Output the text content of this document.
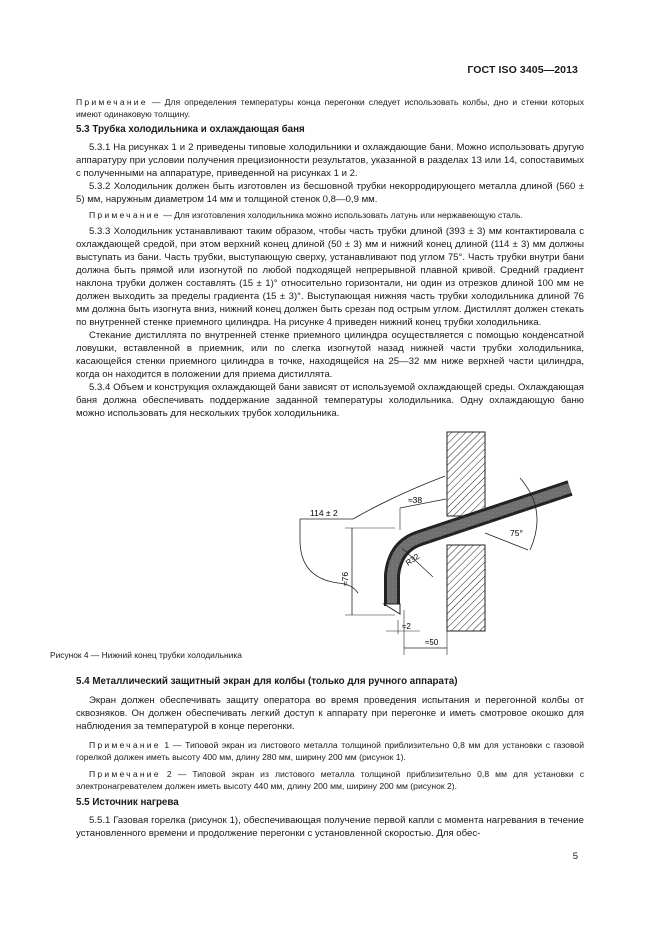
ГОСТ ISO 3405—2013
Примечание — Для определения температуры конца перегонки следует использовать колбы, дно и стенки которых имеют одинаковую толщину.
5.3 Трубка холодильника и охлаждающая баня
5.3.1 На рисунках 1 и 2 приведены типовые холодильники и охлаждающие бани. Можно использовать другую аппаратуру при условии получения прецизионности результатов, указанной в разделах 13 или 14, сопоставимых с полученными на аппаратуре, приведенной на рисунках 1 и 2.
5.3.2 Холодильник должен быть изготовлен из бесшовной трубки некорродирующего металла длиной (560 ± 5) мм, наружным диаметром 14 мм и толщиной стенок 0,8—0,9 мм.
Примечание — Для изготовления холодильника можно использовать латунь или нержавеющую сталь.
5.3.3 Холодильник устанавливают таким образом, чтобы часть трубки длиной (393 ± 3) мм контактировала с охлаждающей средой, при этом верхний конец длиной (50 ± 3) мм и нижний конец длиной (114 ± 3) мм должны выступать из бани. Часть трубки, выступающую сверху, устанавливают под углом 75°. Часть трубки внутри бани должна быть прямой или изогнутой по любой подходящей непрерывной плавной кривой. Средний градиент наклона трубки должен составлять (15 ± 1)° относительно горизонтали, ни один из отрезков длиной 100 мм не должен выходить за пределы градиента (15 ± 3)°. Выступающая нижняя часть трубки холодильника длиной 76 мм должна быть изогнута вниз, нижний конец должен быть срезан под острым углом. Дистиллят должен стекать по внутренней стенке приемного цилиндра. На рисунке 4 приведен нижний конец трубки холодильника.
Стекание дистиллята по внутренней стенке приемного цилиндра осуществляется с помощью конденсатной ловушки, вставленной в приемник, или по слегка изогнутой назад нижней части трубки холодильника, касающейся стенки приемного цилиндра в точке, находящейся на 25—32 мм ниже верхней части цилиндра, когда он находится в положении для приема дистиллята.
5.3.4 Объем и конструкция охлаждающей бани зависят от используемой охлаждающей среды. Охлаждающая баня должна обеспечивать поддержание заданной температуры холодильника. Одну охлаждающую баню можно использовать для нескольких трубок холодильника.
114 ± 2
≈38
75°
R32
≈76
≈2
≈50
Рисунок 4 — Нижний конец трубки холодильника
5.4 Металлический защитный экран для колбы (только для ручного аппарата)
Экран должен обеспечивать защиту оператора во время проведения испытания и перегонной колбы от сквозняков. Он должен обеспечивать легкий доступ к аппарату при перегонке и иметь смотровое окошко для наблюдения за температурой в конце перегонки.
Примечание 1 — Типовой экран из листового металла толщиной приблизительно 0,8 мм для установки с газовой горелкой должен иметь высоту 400 мм, длину 280 мм, ширину 200 мм (рисунок 1).
Примечание 2 — Типовой экран из листового металла толщиной приблизительно 0,8 мм для установки с электронагревателем должен иметь высоту 440 мм, длину 200 мм, ширину 200 мм (рисунок 2).
5.5 Источник нагрева
5.5.1 Газовая горелка (рисунок 1), обеспечивающая получение первой капли с момента нагревания в течение установленного времени и продолжение перегонки с установленной скоростью. Для обес-
5
